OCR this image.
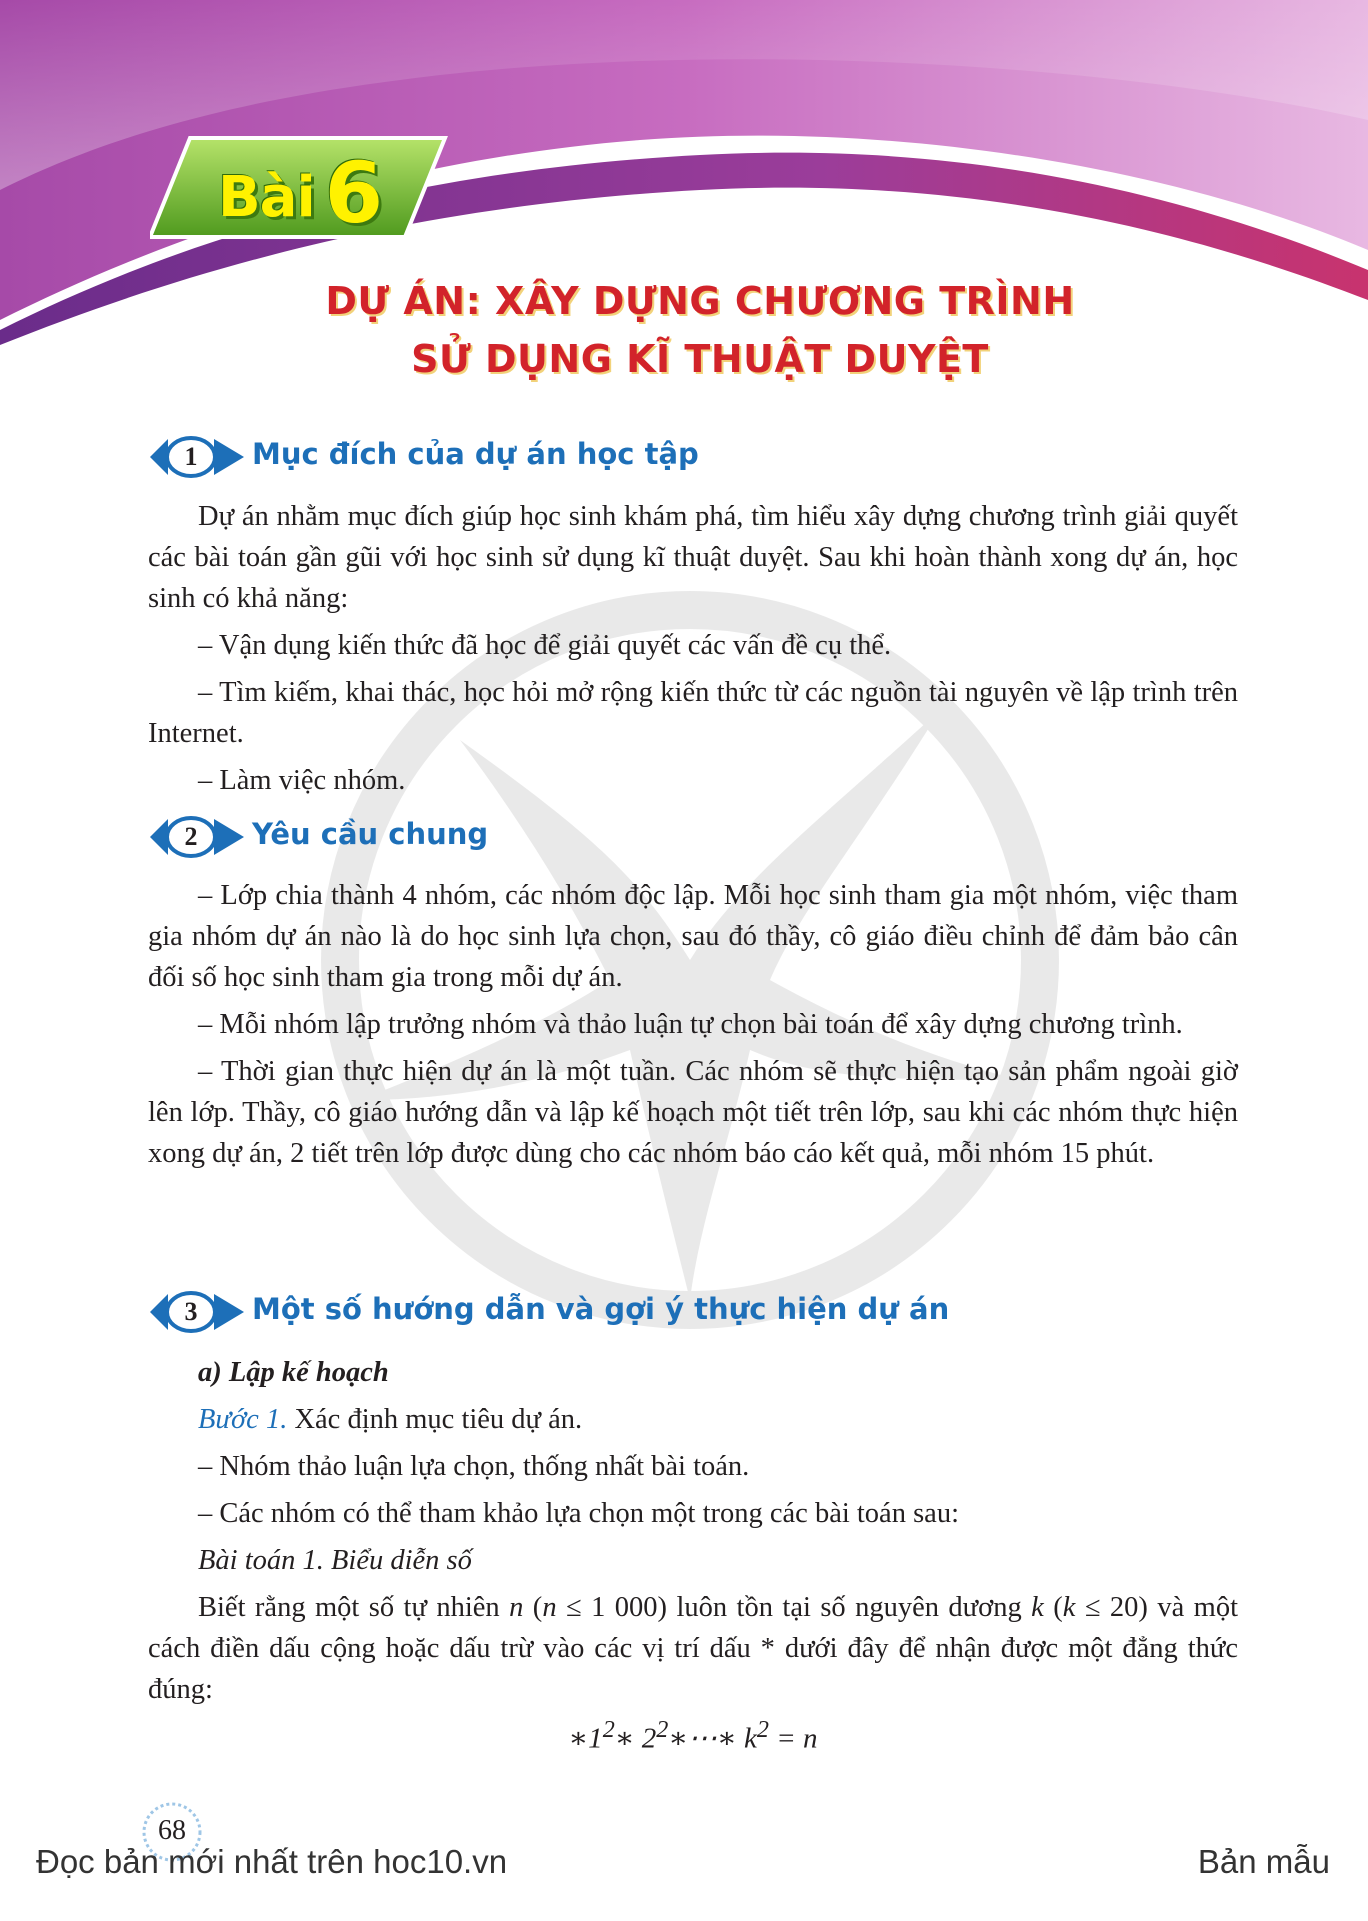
Bài 6
DỰ ÁN: XÂY DỰNG CHƯƠNG TRÌNH
SỬ DỤNG KĨ THUẬT DUYỆT
1 Mục đích của dự án học tập

Dự án nhằm mục đích giúp học sinh khám phá, tìm hiểu xây dựng chương trình giải quyết các bài toán gần gũi với học sinh sử dụng kĩ thuật duyệt. Sau khi hoàn thành xong dự án, học sinh có khả năng:

– Vận dụng kiến thức đã học để giải quyết các vấn đề cụ thể.

– Tìm kiếm, khai thác, học hỏi mở rộng kiến thức từ các nguồn tài nguyên về lập trình trên Internet.

– Làm việc nhóm.

2 Yêu cầu chung

– Lớp chia thành 4 nhóm, các nhóm độc lập. Mỗi học sinh tham gia một nhóm, việc tham gia nhóm dự án nào là do học sinh lựa chọn, sau đó thầy, cô giáo điều chỉnh để đảm bảo cân đối số học sinh tham gia trong mỗi dự án.

– Mỗi nhóm lập trưởng nhóm và thảo luận tự chọn bài toán để xây dựng chương trình.

– Thời gian thực hiện dự án là một tuần. Các nhóm sẽ thực hiện tạo sản phẩm ngoài giờ lên lớp. Thầy, cô giáo hướng dẫn và lập kế hoạch một tiết trên lớp, sau khi các nhóm thực hiện xong dự án, 2 tiết trên lớp được dùng cho các nhóm báo cáo kết quả, mỗi nhóm 15 phút.

3 Một số hướng dẫn và gợi ý thực hiện dự án

a) Lập kế hoạch

Bước 1. Xác định mục tiêu dự án.

– Nhóm thảo luận lựa chọn, thống nhất bài toán.

– Các nhóm có thể tham khảo lựa chọn một trong các bài toán sau:

Bài toán 1. Biểu diễn số

Biết rằng một số tự nhiên n (n ≤ 1 000) luôn tồn tại số nguyên dương k (k ≤ 20) và một cách điền dấu cộng hoặc dấu trừ vào các vị trí dấu * dưới đây để nhận được một đẳng thức đúng:

$∗1^2∗$ $2^2∗\cdots∗$ $k^2 = n$
68
Đọc bản mới nhất trên hoc10.vn	Bản mẫu
